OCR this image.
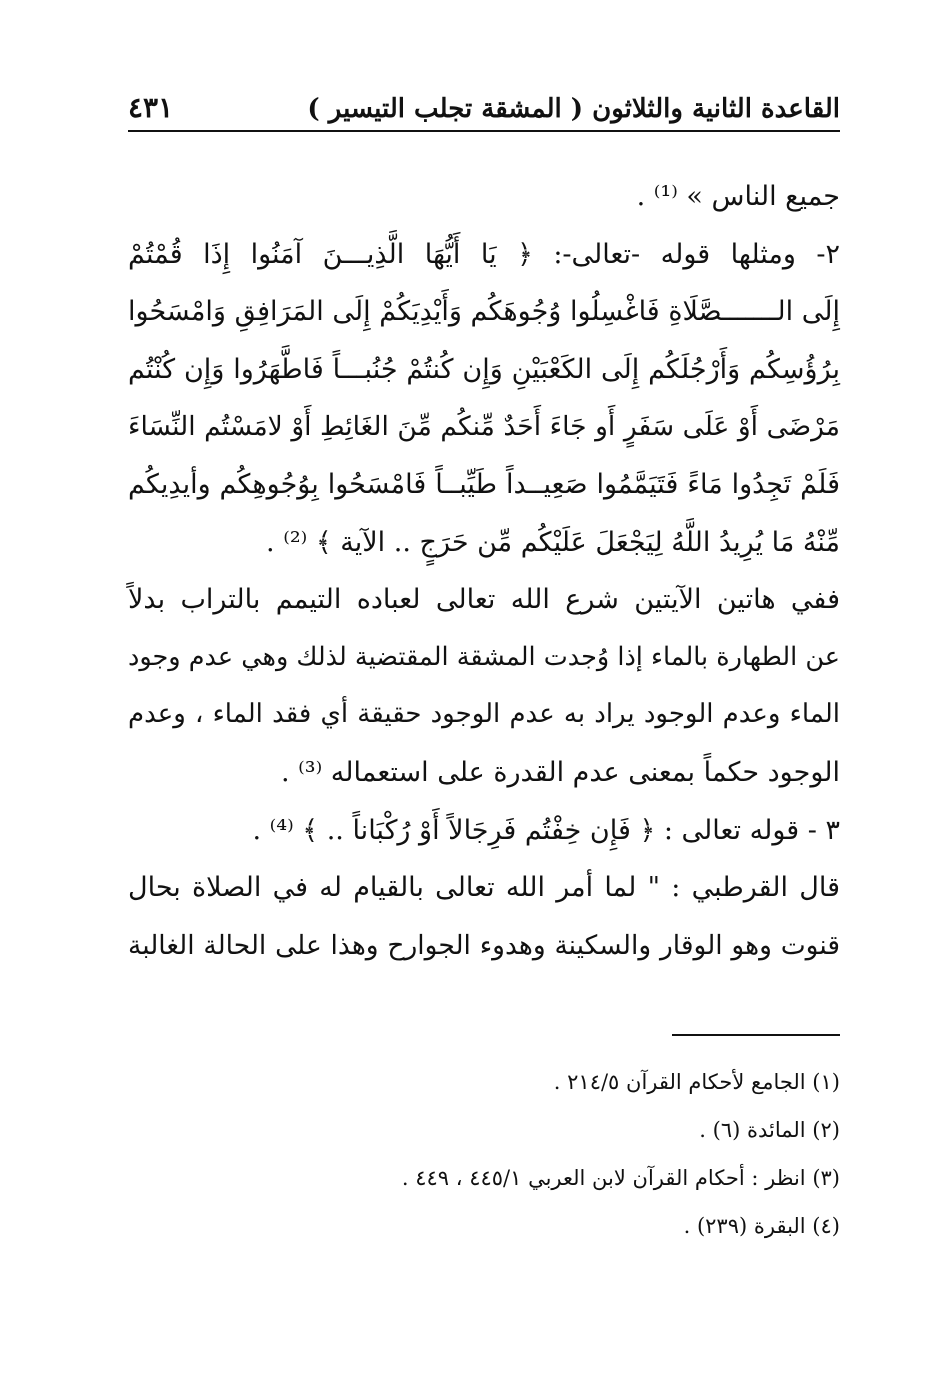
القاعدة الثانية والثلاثون ( المشقة تجلب التيسير )
٤٣١
جميع الناس » ⁽¹⁾ .
٢- ومثلها قوله -تعالى-: ﴿ يَا أَيُّهَا الَّذِيـــنَ آمَنُوا إِذَا قُمْتُمْ
إِلَى الـــــــصَّلَاةِ فَاغْسِلُوا وُجُوهَكُم وَأَيْدِيَكُمْ إِلَى المَرَافِقِ وَامْسَحُوا
بِرُؤُسِكُم وَأَرْجُلَكُم إِلَى الكَعْبَيْنِ وَإِن كُنتُمْ جُنُبـــاً فَاطَّهَرُوا وَإِن كُنْتُم
مَرْضَى أَوْ عَلَى سَفَرٍ أَو جَاءَ أَحَدٌ مِّنكُم مِّنَ الغَائِطِ أَوْ لامَسْتُم النِّسَاءَ
فَلَمْ تَجِدُوا مَاءً فَتَيَمَّمُوا صَعِيــداً طَيِّبــاً فَامْسَحُوا بِوُجُوهِكُم وأيدِيكُم
مِّنْهُ مَا يُرِيدُ اللَّهُ لِيَجْعَلَ عَلَيْكُم مِّن حَرَجٍ .. الآية ﴾ ⁽²⁾ .
ففي هاتين الآيتين شرع الله تعالى لعباده التيمم بالتراب بدلاً
عن الطهارة بالماء إذا وُجدت المشقة المقتضية لذلك وهي عدم وجود
الماء وعدم الوجود يراد به عدم الوجود حقيقة أي فقد الماء ، وعدم
الوجود حكماً بمعنى عدم القدرة على استعماله ⁽³⁾ .
٣ - قوله تعالى : ﴿ فَإِن خِفْتُم فَرِجَالاً أَوْ رُكْبَاناً .. ﴾ ⁽⁴⁾ .
قال القرطبي : " لما أمر الله تعالى بالقيام له في الصلاة بحال
قنوت وهو الوقار والسكينة وهدوء الجوارح وهذا على الحالة الغالبة
(١) الجامع لأحكام القرآن ٢١٤/٥ .
(٢) المائدة (٦) .
(٣) انظر : أحكام القرآن لابن العربي ٤٤٥/١ ، ٤٤٩ .
(٤) البقرة (٢٣٩) .
